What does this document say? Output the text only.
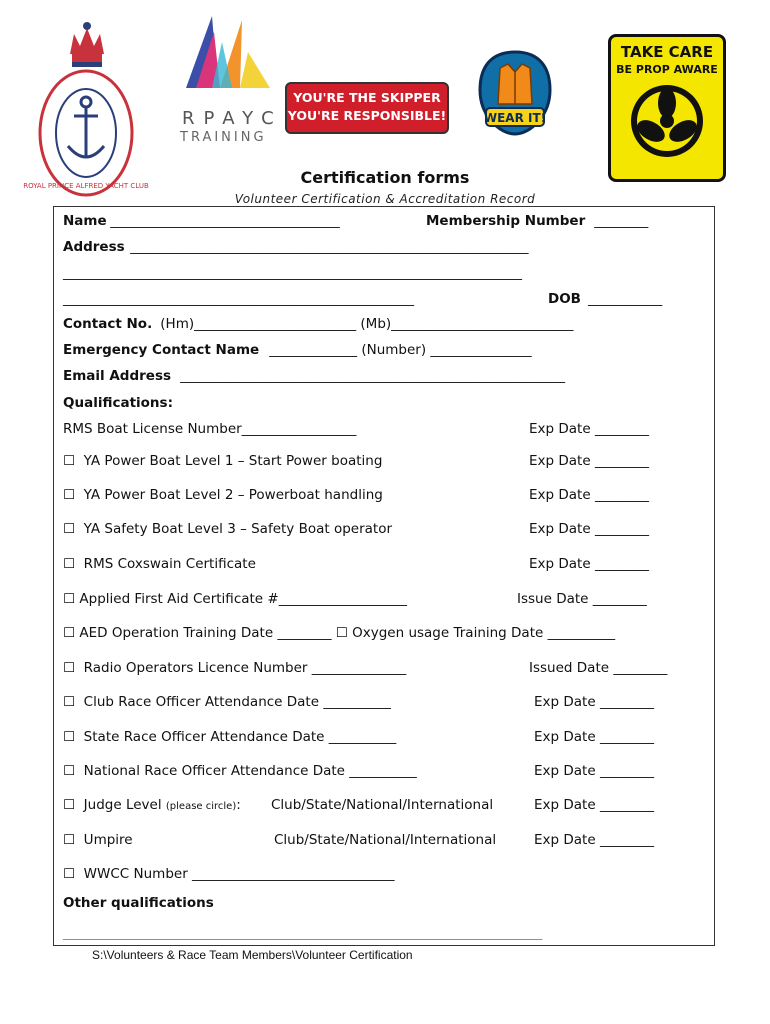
ROYAL PRINCE ALFRED YACHT CLUB
RPAYC
TRAINING
YOU'RE THE SKIPPER
YOU'RE RESPONSIBLE!	WEAR IT!
TAKE CARE
BE PROP AWARE
Certification forms
Volunteer Certification & Accreditation Record
Name __________________________________	Membership Number ________
Address ___________________________________________________________
____________________________________________________________________
____________________________________________________	DOB ___________
Contact No. (Hm)________________________ (Mb)___________________________
Emergency Contact Name _____________ (Number) _______________
Email Address _________________________________________________________
Qualifications:
RMS Boat License Number_________________	Exp Date ________
☐  YA Power Boat Level 1 – Start Power boating	Exp Date ________
☐  YA Power Boat Level 2 – Powerboat handling	Exp Date ________
☐  YA Safety Boat Level 3 – Safety Boat operator	Exp Date ________
☐  RMS Coxswain Certificate	Exp Date ________
☐ Applied First Aid Certificate #___________________	Issue Date ________
☐ AED Operation Training Date ________ ☐ Oxygen usage Training Date __________
☐  Radio Operators Licence Number ______________	Issued Date ________
☐  Club Race Officer Attendance Date __________	Exp Date ________
☐  State Race Officer Attendance Date __________	Exp Date ________
☐  National Race Officer Attendance Date __________	Exp Date ________
☐  Judge Level (please circle): Club/State/National/International	Exp Date ________
☐  Umpire	Club/State/National/International	Exp Date ________
☐  WWCC Number ______________________________
Other qualifications
_______________________________________________________________________
S:\Volunteers & Race Team Members\Volunteer Certification
